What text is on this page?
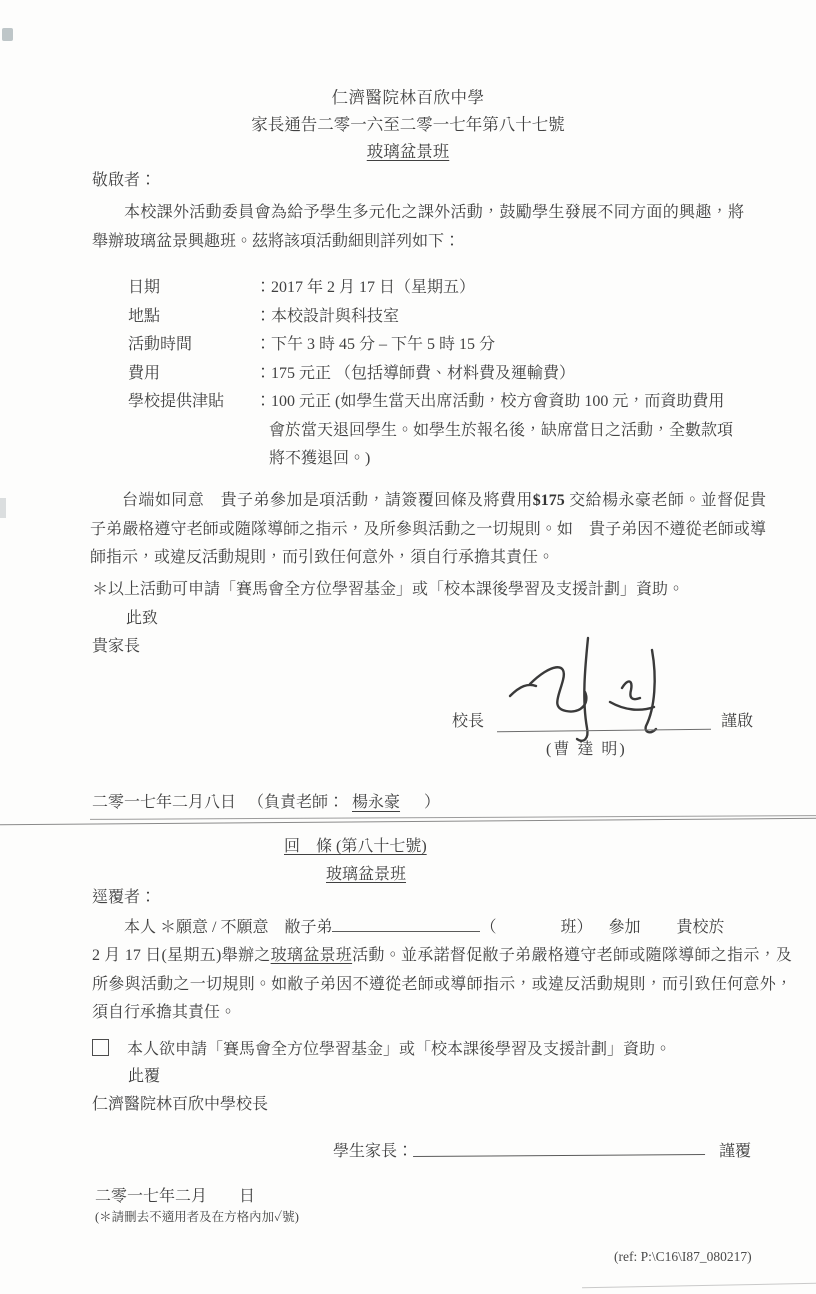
仁濟醫院林百欣中學
家長通告二零一六至二零一七年第八十七號
玻璃盆景班
敬啟者：
本校課外活動委員會為給予學生多元化之課外活動，鼓勵學生發展不同方面的興趣，將舉辦玻璃盆景興趣班。茲將該項活動細則詳列如下：
日期	：2017 年 2 月 17 日（星期五）
地點	：本校設計與科技室
活動時間	：下午 3 時 45 分 – 下午 5 時 15 分
費用	：175 元正 （包括導師費、材料費及運輸費）
學校提供津貼	：100 元正 (如學生當天出席活動，校方會資助 100 元，而資助費用
會於當天退回學生。如學生於報名後，缺席當日之活動，全數款項
將不獲退回。)
台端如同意　貴子弟參加是項活動，請簽覆回條及將費用$175 交給楊永豪老師。並督促貴子弟嚴格遵守老師或隨隊導師之指示，及所參與活動之一切規則。如　貴子弟因不遵從老師或導師指示，或違反活動規則，而引致任何意外，須自行承擔其責任。
＊以上活動可申請「賽馬會全方位學習基金」或「校本課後學習及支援計劃」資助。
此致
貴家長
校長	謹啟
(曹 達 明)
二零一七年二月八日 （負責老師： 楊永豪　）
回　條 (第八十七號)
玻璃盆景班
逕覆者：
本人 ＊願意 / 不願意　敝子弟	（　　　　班） 參加 貴校於
2 月 17 日(星期五)舉辦之玻璃盆景班活動。並承諾督促敝子弟嚴格遵守老師或隨隊導師之指示，及所參與活動之一切規則。如敝子弟因不遵從老師或導師指示，或違反活動規則，而引致任何意外，須自行承擔其責任。
本人欲申請「賽馬會全方位學習基金」或「校本課後學習及支援計劃」資助。
此覆
仁濟醫院林百欣中學校長
學生家長：	謹覆
二零一七年二月　　日
(＊請刪去不適用者及在方格內加✓號)
(ref: P:\C16\I87_080217)
